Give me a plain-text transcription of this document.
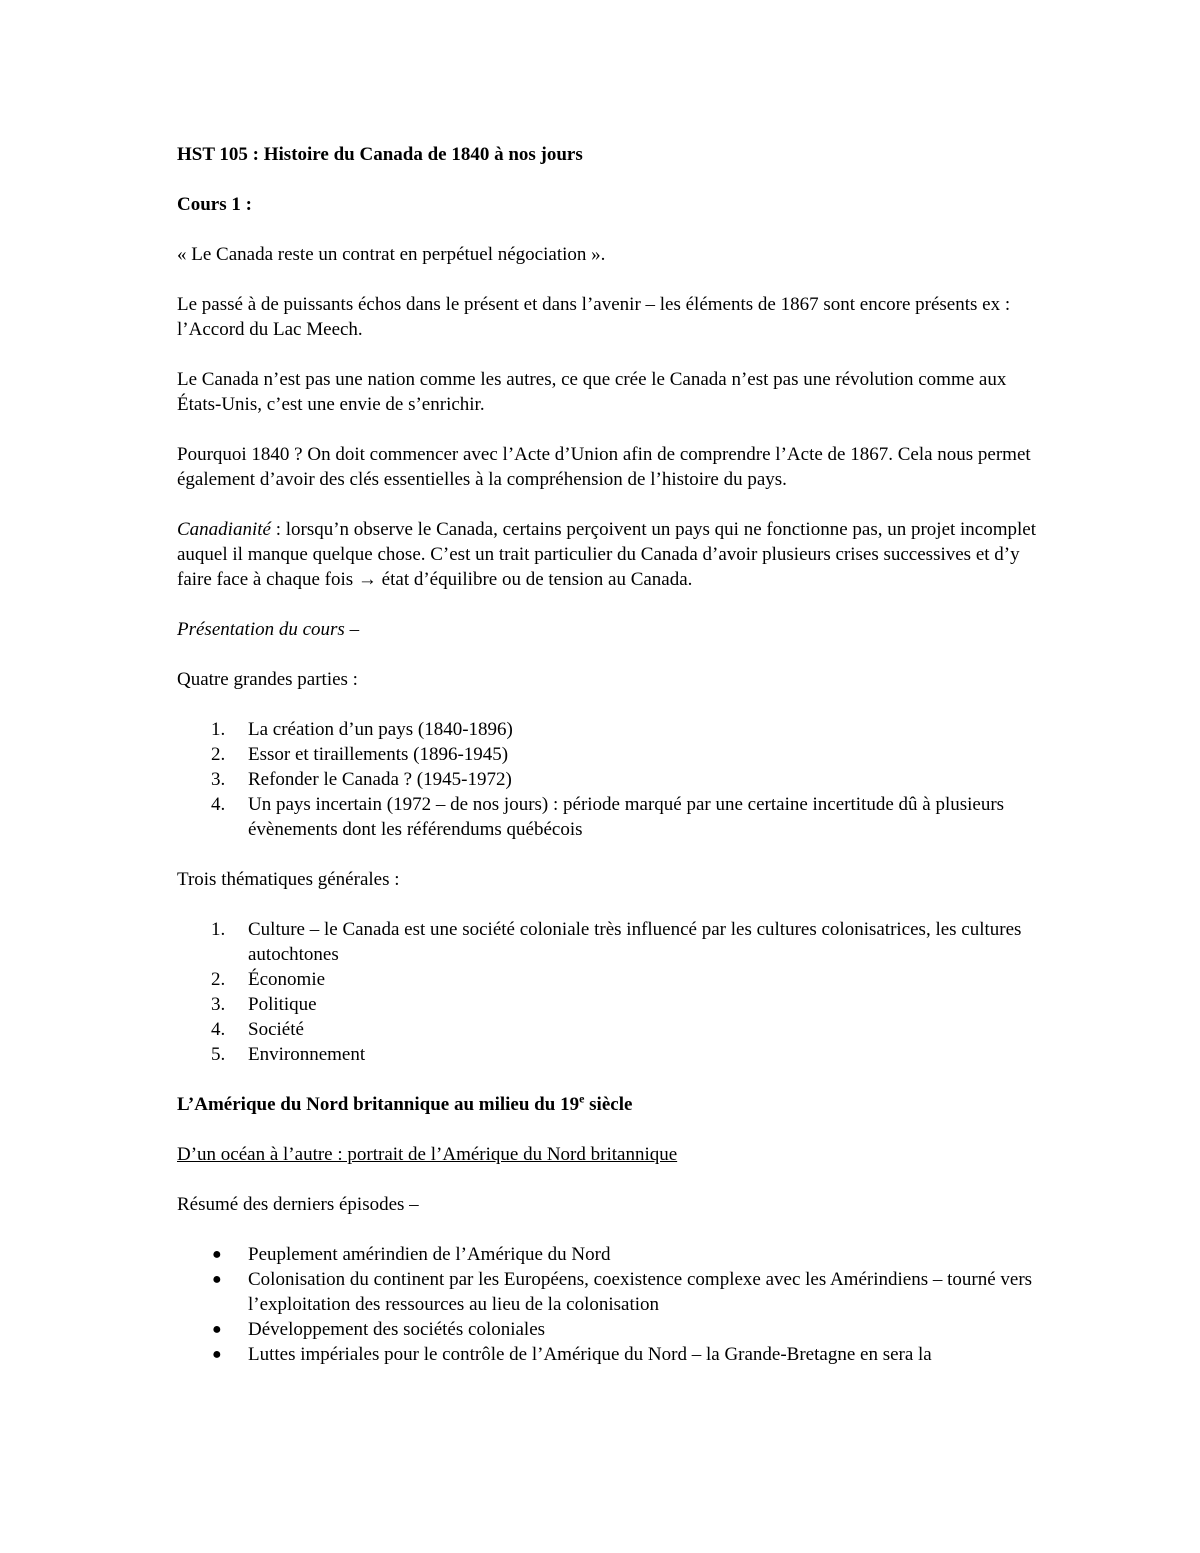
HST 105 : Histoire du Canada de 1840 à nos jours

Cours 1 :

« Le Canada reste un contrat en perpétuel négociation ».

Le passé à de puissants échos dans le présent et dans l’avenir – les éléments de 1867 sont encore présents ex : l’Accord du Lac Meech.

Le Canada n’est pas une nation comme les autres, ce que crée le Canada n’est pas une révolution comme aux États-Unis, c’est une envie de s’enrichir.

Pourquoi 1840 ? On doit commencer avec l’Acte d’Union afin de comprendre l’Acte de 1867. Cela nous permet également d’avoir des clés essentielles à la compréhension de l’histoire du pays.

Canadianité : lorsqu’n observe le Canada, certains perçoivent un pays qui ne fonctionne pas, un projet incomplet auquel il manque quelque chose. C’est un trait particulier du Canada d’avoir plusieurs crises successives et d’y faire face à chaque fois → état d’équilibre ou de tension au Canada.

Présentation du cours –

Quatre grandes parties :

1. La création d’un pays (1840-1896)
2. Essor et tiraillements (1896-1945)
3. Refonder le Canada ? (1945-1972)
4. Un pays incertain (1972 – de nos jours) : période marqué par une certaine incertitude dû à plusieurs évènements dont les référendums québécois

Trois thématiques générales :

1. Culture – le Canada est une société coloniale très influencé par les cultures colonisatrices, les cultures autochtones
2. Économie
3. Politique
4. Société
5. Environnement

L’Amérique du Nord britannique au milieu du 19e siècle

D’un océan à l’autre : portrait de l’Amérique du Nord britannique

Résumé des derniers épisodes –

● Peuplement amérindien de l’Amérique du Nord
● Colonisation du continent par les Européens, coexistence complexe avec les Amérindiens – tourné vers l’exploitation des ressources au lieu de la colonisation
● Développement des sociétés coloniales
● Luttes impériales pour le contrôle de l’Amérique du Nord – la Grande-Bretagne en sera la
